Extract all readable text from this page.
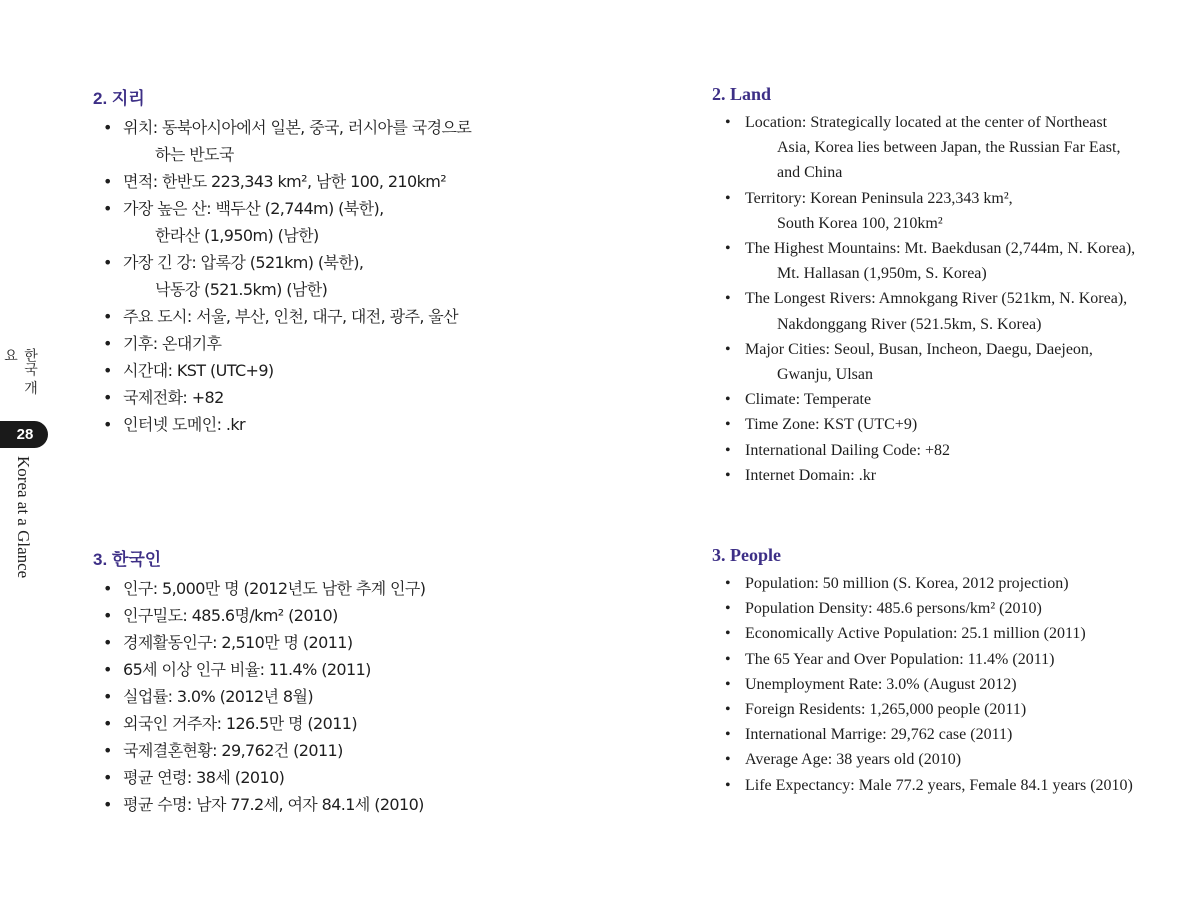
한국 개요
28
Korea at a Glance
2. 지리
• 위치: 동북아시아에서 일본, 중국, 러시아를 국경으로
하는 반도국
• 면적: 한반도 223,343 km², 남한 100, 210km²
• 가장 높은 산: 백두산 (2,744m) (북한),
한라산 (1,950m) (남한)
• 가장 긴 강: 압록강 (521km) (북한),
낙동강 (521.5km) (남한)
• 주요 도시: 서울, 부산, 인천, 대구, 대전, 광주, 울산
• 기후: 온대기후
• 시간대: KST (UTC+9)
• 국제전화: +82
• 인터넷 도메인: .kr
3. 한국인
• 인구: 5,000만 명 (2012년도 남한 추계 인구)
• 인구밀도: 485.6명/km² (2010)
• 경제활동인구: 2,510만 명 (2011)
• 65세 이상 인구 비율: 11.4% (2011)
• 실업률: 3.0% (2012년 8월)
• 외국인 거주자: 126.5만 명 (2011)
• 국제결혼현황: 29,762건 (2011)
• 평균 연령: 38세 (2010)
• 평균 수명: 남자 77.2세, 여자 84.1세 (2010)
2. Land
• Location: Strategically located at the center of Northeast
Asia, Korea lies between Japan, the Russian Far East,
and China
• Territory: Korean Peninsula 223,343 km²,
South Korea 100, 210km²
• The Highest Mountains: Mt. Baekdusan (2,744m, N. Korea),
Mt. Hallasan (1,950m, S. Korea)
• The Longest Rivers: Amnokgang River (521km, N. Korea),
Nakdonggang River (521.5km, S. Korea)
• Major Cities: Seoul, Busan, Incheon, Daegu, Daejeon,
Gwanju, Ulsan
• Climate: Temperate
• Time Zone: KST (UTC+9)
• International Dailing Code: +82
• Internet Domain: .kr
3. People
• Population: 50 million (S. Korea, 2012 projection)
• Population Density: 485.6 persons/km² (2010)
• Economically Active Population: 25.1 million (2011)
• The 65 Year and Over Population: 11.4% (2011)
• Unemployment Rate: 3.0% (August 2012)
• Foreign Residents: 1,265,000 people (2011)
• International Marrige: 29,762 case (2011)
• Average Age: 38 years old (2010)
• Life Expectancy: Male 77.2 years, Female 84.1 years (2010)
